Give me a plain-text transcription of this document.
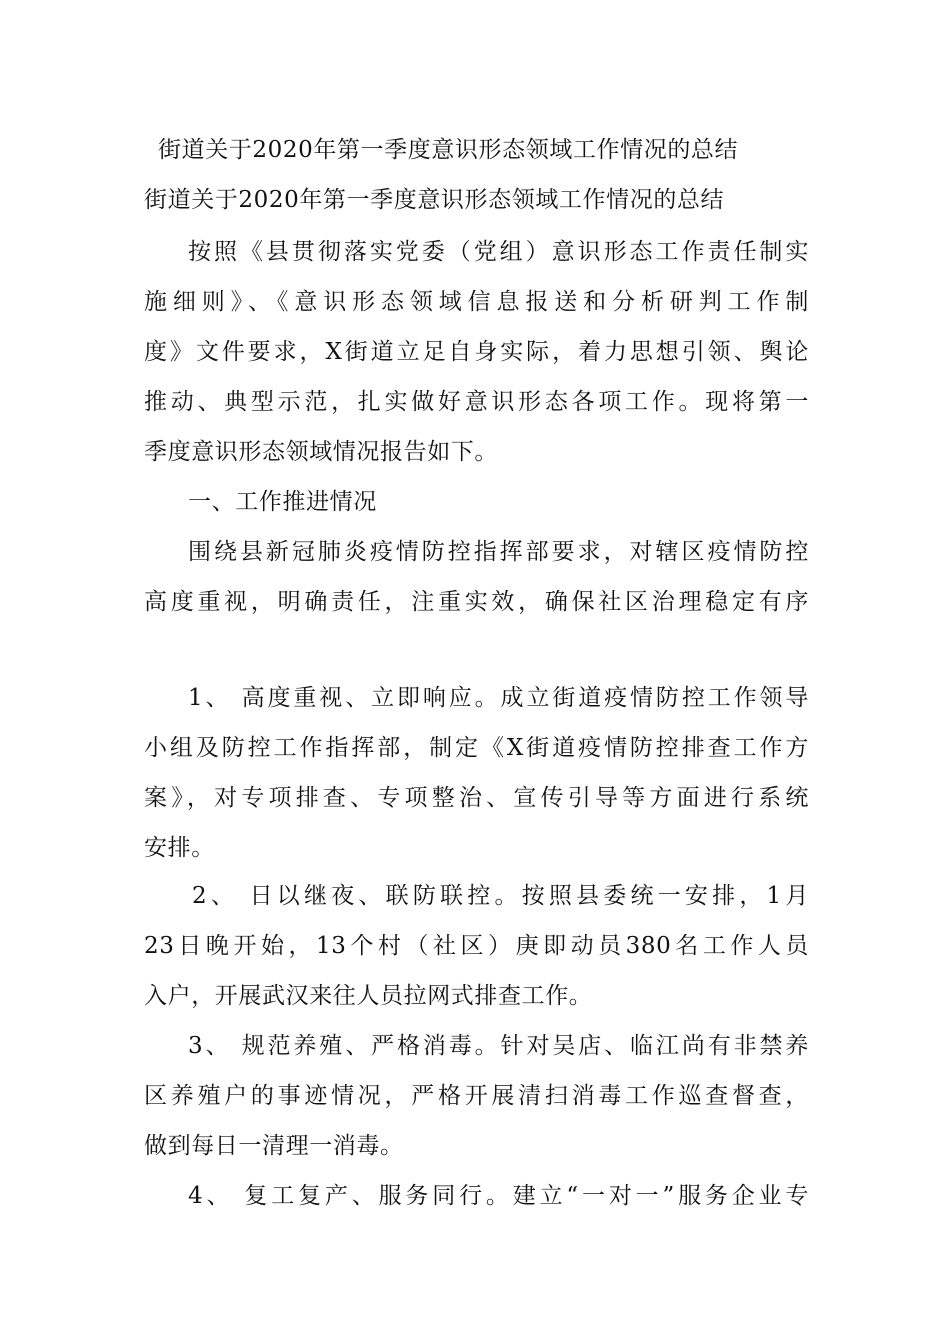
街道关于2020年第一季度意识形态领域工作情况的总结
街道关于2020年第一季度意识形态领域工作情况的总结
按照《县贯彻落实党委（党组）意识形态工作责任制实
施细则》、《意识形态领域信息报送和分析研判工作制
度》文件要求，X街道立足自身实际，着力思想引领、舆论
推动、典型示范，扎实做好意识形态各项工作。现将第一
季度意识形态领域情况报告如下。
一、工作推进情况
围绕县新冠肺炎疫情防控指挥部要求，对辖区疫情防控
高度重视，明确责任，注重实效，确保社区治理稳定有序
1、 高度重视、立即响应。成立街道疫情防控工作领导
小组及防控工作指挥部，制定《X街道疫情防控排查工作方
案》，对专项排查、专项整治、宣传引导等方面进行系统
安排。
2、 日以继夜、联防联控。按照县委统一安排，1月
23日晚开始，13个村（社区）庚即动员380名工作人员
入户，开展武汉来往人员拉网式排查工作。
3、 规范养殖、严格消毒。针对吴店、临江尚有非禁养
区养殖户的事迹情况，严格开展清扫消毒工作巡查督查，
做到每日一清理一消毒。
4、 复工复产、服务同行。建立“一对一”服务企业专
